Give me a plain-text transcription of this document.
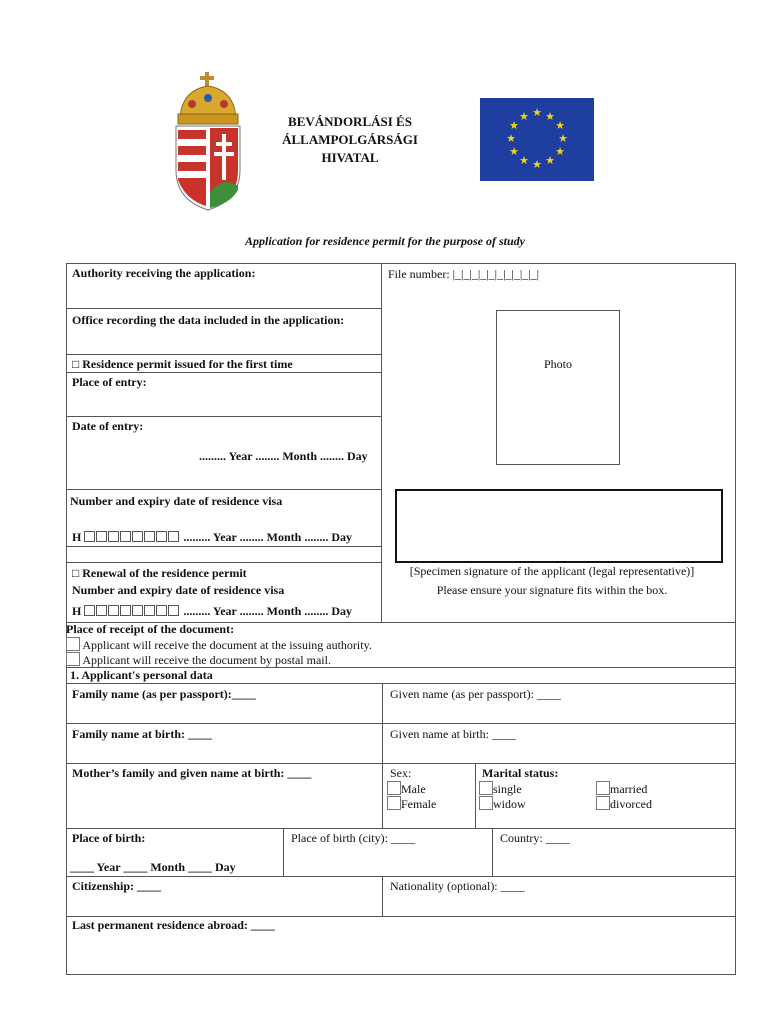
BEVÁNDORLÁSI ÉS
ÁLLAMPOLGÁRSÁGI
HIVATAL
★ ★
★
★
★
★
★
★
★
★
★
★
Application for residence permit for the purpose of study
Authority receiving the application:	File number: |_|_|_|_|_|_|_|_|_|_|
Office recording the data included in the application:
Photo
□ Residence permit issued for the first time
Place of entry:
Date of entry:
......... Year ........ Month ........ Day
Number and expiry date of residence visa
H	......... Year ........ Month ........ Day
[Specimen signature of the applicant (legal representative)]
Please ensure your signature fits within the box.
□ Renewal of the residence permit
Number and expiry date of residence visa
H	......... Year ........ Month ........ Day
Place of receipt of the document:
Applicant will receive the document at the issuing authority.
Applicant will receive the document by postal mail.
1. Applicant's personal data
Family name (as per passport):____	Given name (as per passport): ____
Family name at birth: ____	Given name at birth: ____
Mother’s family and given name at birth: ____	Sex:
Male
Female
Marital status:
single
widow
married
divorced
Place of birth:
____ Year ____ Month ____ Day
Place of birth (city): ____	Country: ____
Citizenship: ____	Nationality (optional): ____
Last permanent residence abroad: ____
